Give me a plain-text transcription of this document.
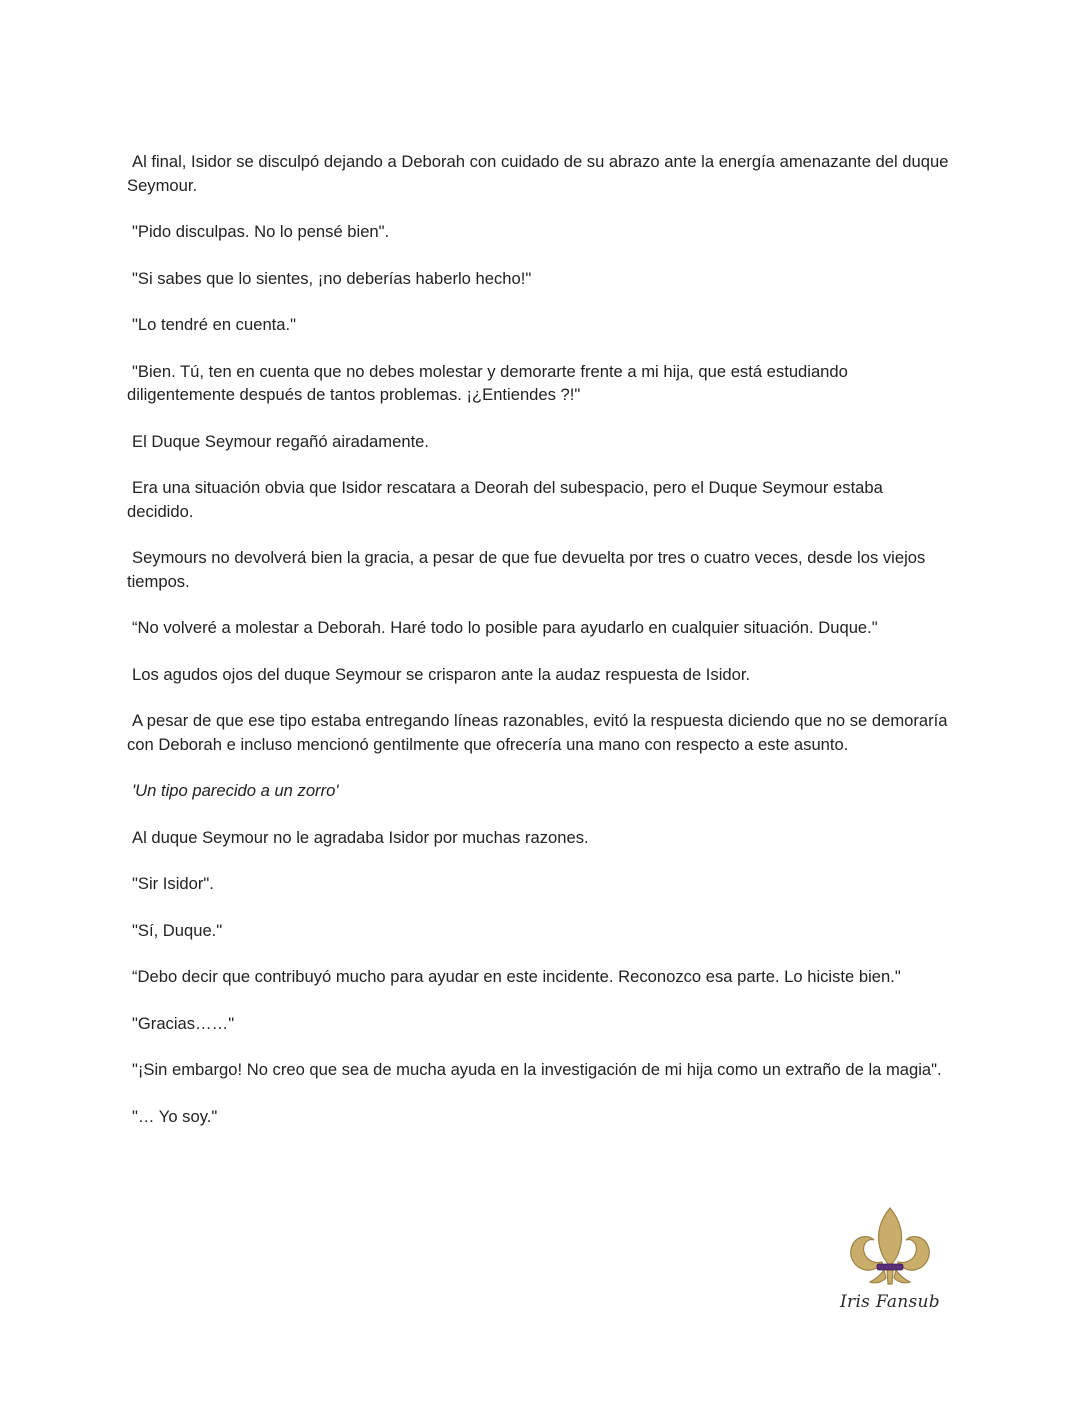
Al final, Isidor se disculpó dejando a Deborah con cuidado de su abrazo ante la energía amenazante del duque Seymour.

"Pido disculpas. No lo pensé bien".

"Si sabes que lo sientes, ¡no deberías haberlo hecho!"

"Lo tendré en cuenta."

"Bien. Tú, ten en cuenta que no debes molestar y demorarte frente a mi hija, que está estudiando diligentemente después de tantos problemas. ¡¿Entiendes ?!"

El Duque Seymour regañó airadamente.

Era una situación obvia que Isidor rescatara a Deorah del subespacio, pero el Duque Seymour estaba decidido.

Seymours no devolverá bien la gracia, a pesar de que fue devuelta por tres o cuatro veces, desde los viejos tiempos.

“No volveré a molestar a Deborah. Haré todo lo posible para ayudarlo en cualquier situación. Duque."

Los agudos ojos del duque Seymour se crisparon ante la audaz respuesta de Isidor.

A pesar de que ese tipo estaba entregando líneas razonables, evitó la respuesta diciendo que no se demoraría con Deborah e incluso mencionó gentilmente que ofrecería una mano con respecto a este asunto.

'Un tipo parecido a un zorro'

Al duque Seymour no le agradaba Isidor por muchas razones.

"Sir Isidor".

"Sí, Duque."

“Debo decir que contribuyó mucho para ayudar en este incidente. Reconozco esa parte. Lo hiciste bien."

"Gracias……"

"¡Sin embargo! No creo que sea de mucha ayuda en la investigación de mi hija como un extraño de la magia".

"… Yo soy."

Iris Fansub
